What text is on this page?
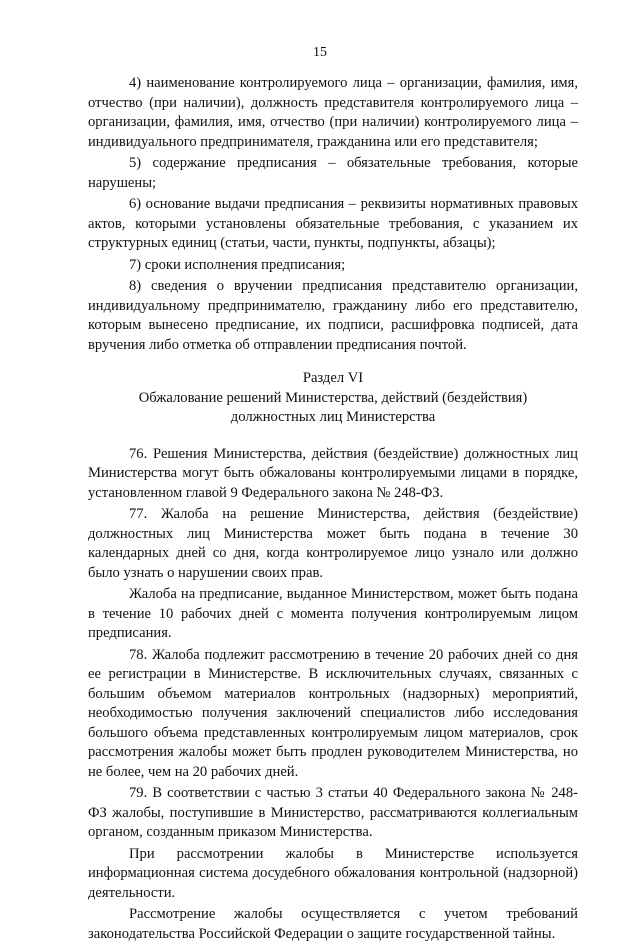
15

4) наименование контролируемого лица – организации, фамилия, имя, отчество (при наличии), должность представителя контролируемого лица – организации, фамилия, имя, отчество (при наличии) контролируемого лица – индивидуального предпринимателя, гражданина или его представителя;

5) содержание предписания – обязательные требования, которые нарушены;

6) основание выдачи предписания – реквизиты нормативных правовых актов, которыми установлены обязательные требования, с указанием их структурных единиц (статьи, части, пункты, подпункты, абзацы);

7) сроки исполнения предписания;

8) сведения о вручении предписания представителю организации, индивидуальному предпринимателю, гражданину либо его представителю, которым вынесено предписание, их подписи, расшифровка подписей, дата вручения либо отметка об отправлении предписания почтой.

Раздел VI
Обжалование решений Министерства, действий (бездействия)
должностных лиц Министерства

76. Решения Министерства, действия (бездействие) должностных лиц Министерства могут быть обжалованы контролируемыми лицами в порядке, установленном главой 9 Федерального закона № 248-ФЗ.

77. Жалоба на решение Министерства, действия (бездействие) должностных лиц Министерства может быть подана в течение 30 календарных дней со дня, когда контролируемое лицо узнало или должно было узнать о нарушении своих прав.

Жалоба на предписание, выданное Министерством, может быть подана в течение 10 рабочих дней с момента получения контролируемым лицом предписания.

78. Жалоба подлежит рассмотрению в течение 20 рабочих дней со дня ее регистрации в Министерстве. В исключительных случаях, связанных с большим объемом материалов контрольных (надзорных) мероприятий, необходимостью получения заключений специалистов либо исследования большого объема представленных контролируемым лицом материалов, срок рассмотрения жалобы может быть продлен руководителем Министерства, но не более, чем на 20 рабочих дней.

79. В соответствии с частью 3 статьи 40 Федерального закона № 248-ФЗ жалобы, поступившие в Министерство, рассматриваются коллегиальным органом, созданным приказом Министерства.

При рассмотрении жалобы в Министерстве используется информационная система досудебного обжалования контрольной (надзорной) деятельности.

Рассмотрение жалобы осуществляется с учетом требований законодательства Российской Федерации о защите государственной тайны.
